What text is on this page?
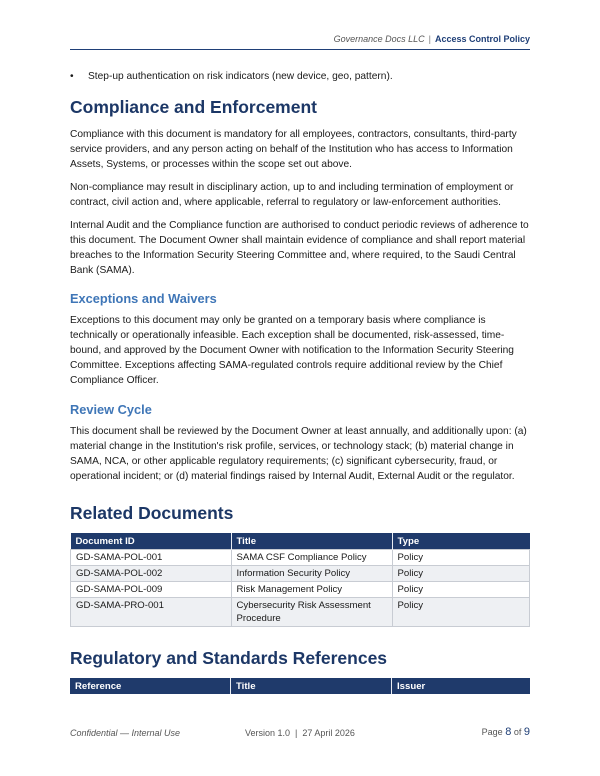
Governance Docs LLC | Access Control Policy
•	Step-up authentication on risk indicators (new device, geo, pattern).
Compliance and Enforcement

Compliance with this document is mandatory for all employees, contractors, consultants, third-party service providers, and any person acting on behalf of the Institution who has access to Information Assets, Systems, or processes within the scope set out above.

Non-compliance may result in disciplinary action, up to and including termination of employment or contract, civil action and, where applicable, referral to regulatory or law-enforcement authorities.

Internal Audit and the Compliance function are authorised to conduct periodic reviews of adherence to this document. The Document Owner shall maintain evidence of compliance and shall report material breaches to the Information Security Steering Committee and, where required, to the Saudi Central Bank (SAMA).

Exceptions and Waivers

Exceptions to this document may only be granted on a temporary basis where compliance is technically or operationally infeasible. Each exception shall be documented, risk-assessed, time-bound, and approved by the Document Owner with notification to the Information Security Steering Committee. Exceptions affecting SAMA-regulated controls require additional review by the Chief Compliance Officer.

Review Cycle

This document shall be reviewed by the Document Owner at least annually, and additionally upon: (a) material change in the Institution's risk profile, services, or technology stack; (b) material change in SAMA, NCA, or other applicable regulatory requirements; (c) significant cybersecurity, fraud, or operational incident; or (d) material findings raised by Internal Audit, External Audit or the regulator.

Related Documents
Document ID	Title	Type
GD-SAMA-POL-001	SAMA CSF Compliance Policy	Policy
GD-SAMA-POL-002	Information Security Policy	Policy
GD-SAMA-POL-009	Risk Management Policy	Policy
GD-SAMA-PRO-001	Cybersecurity Risk Assessment Procedure	Policy
Regulatory and Standards References
Reference	Title	Issuer
Confidential — Internal Use	Version 1.0  |  27 April 2026	Page 8 of 9
